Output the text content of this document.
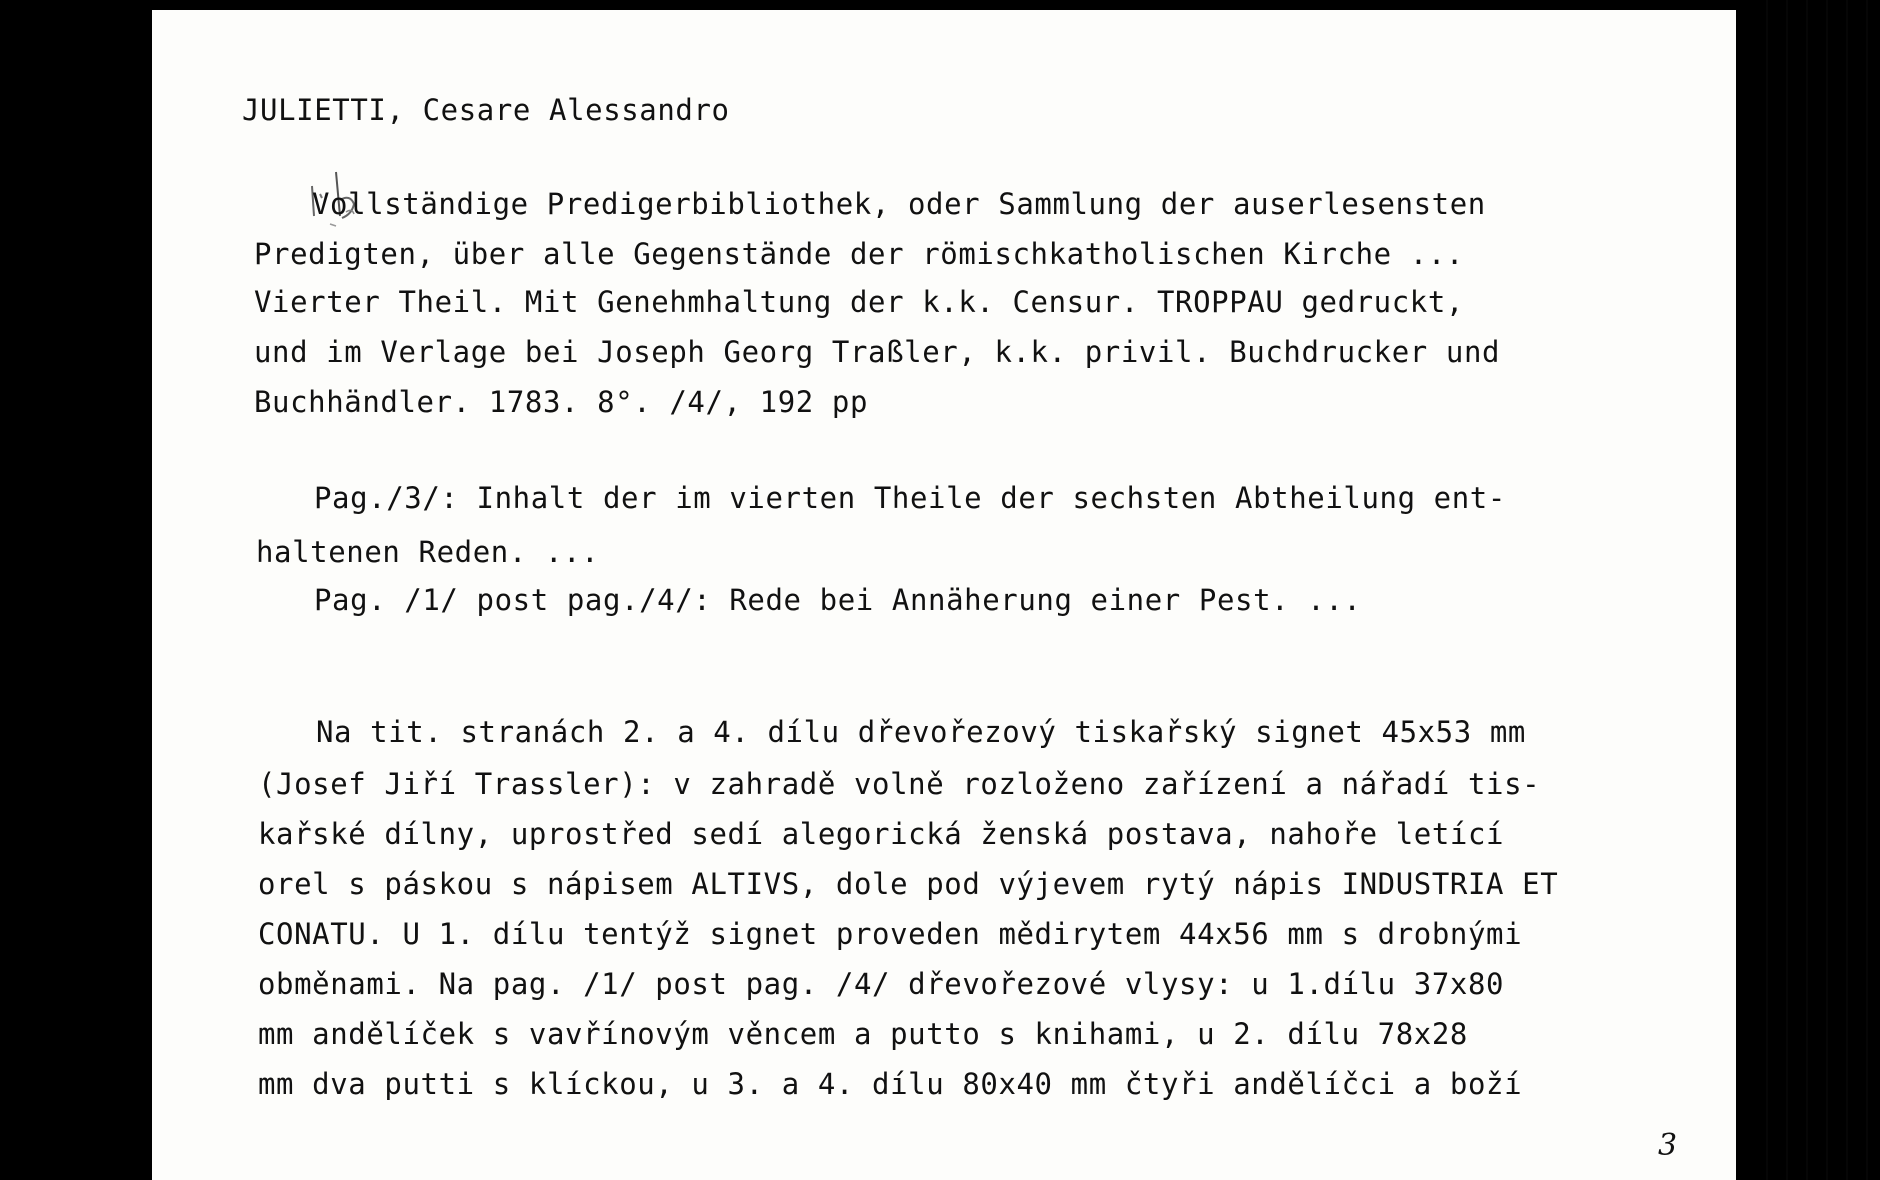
JULIETTI, Cesare Alessandro

Vollständige Predigerbibliothek, oder Sammlung der auserlesensten

Predigten, über alle Gegenstände der römischkatholischen Kirche ...

Vierter Theil. Mit Genehmhaltung der k.k. Censur. TROPPAU gedruckt,

und im Verlage bei Joseph Georg Traßler, k.k. privil. Buchdrucker und

Buchhändler. 1783. 8°. /4/, 192 pp

Pag./3/: Inhalt der im vierten Theile der sechsten Abtheilung ent-

haltenen Reden. ...

Pag. /1/ post pag./4/: Rede bei Annäherung einer Pest. ...

Na tit. stranách 2. a 4. dílu dřevořezový tiskařský signet 45x53 mm

(Josef Jiří Trassler): v zahradě volně rozloženo zařízení a nářadí tis-

kařské dílny, uprostřed sedí alegorická ženská postava, nahoře letící

orel s páskou s nápisem ALTIVS, dole pod výjevem rytý nápis INDUSTRIA ET

CONATU. U 1. dílu tentýž signet proveden mědirytem 44x56 mm s drobnými

obměnami. Na pag. /1/ post pag. /4/ dřevořezové vlysy: u 1.dílu 37x80

mm andělíček s vavřínovým věncem a putto s knihami, u 2. dílu 78x28

mm dva putti s klíckou, u 3. a 4. dílu 80x40 mm čtyři andělíčci a boží

3
